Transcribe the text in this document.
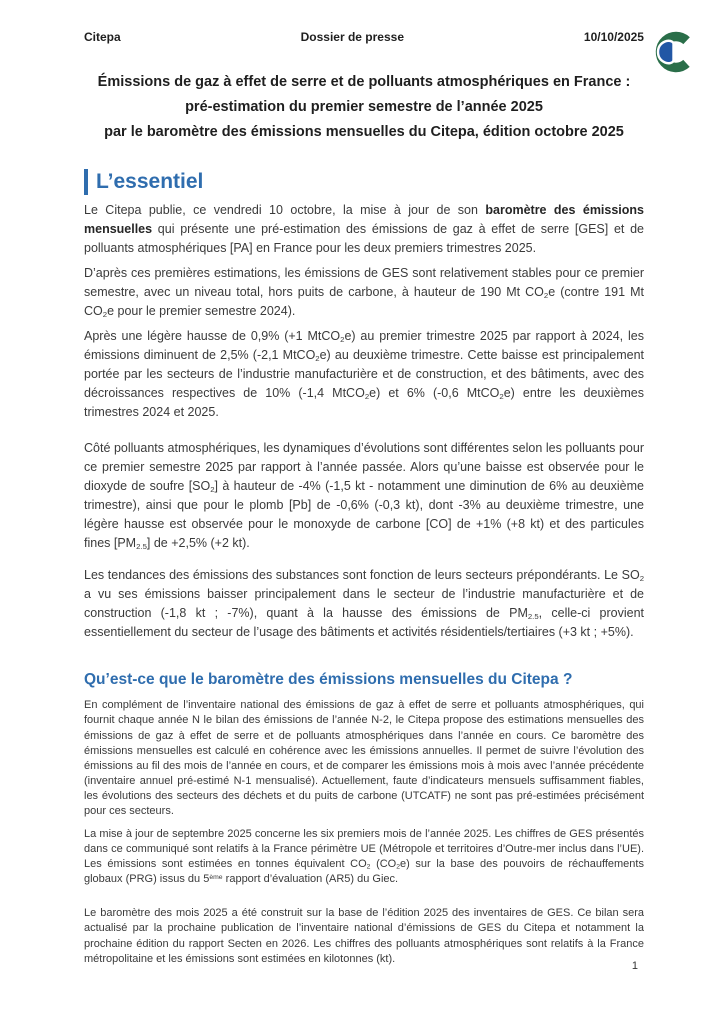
Citepa	Dossier de presse	10/10/2025
Émissions de gaz à effet de serre et de polluants atmosphériques en France :
pré-estimation du premier semestre de l’année 2025
par le baromètre des émissions mensuelles du Citepa, édition octobre 2025
L’essentiel

Le Citepa publie, ce vendredi 10 octobre, la mise à jour de son baromètre des émissions mensuelles qui présente une pré-estimation des émissions de gaz à effet de serre [GES] et de polluants atmosphériques [PA] en France pour les deux premiers trimestres 2025.

D’après ces premières estimations, les émissions de GES sont relativement stables pour ce premier semestre, avec un niveau total, hors puits de carbone, à hauteur de 190 Mt $CO_2e$ (contre 191 Mt $CO_2e$ pour le premier semestre 2024).

Après une légère hausse de 0,9% (+1 MtCO$_2$e) au premier trimestre 2025 par rapport à 2024, les émissions diminuent de 2,5% (-2,1 MtCO$_2$e) au deuxième trimestre. Cette baisse est principalement portée par les secteurs de l’industrie manufacturière et de construction, et des bâtiments, avec des décroissances respectives de 10% (-1,4 MtCO$_2$e) et 6% (-0,6 MtCO$_2$e) entre les deuxièmes trimestres 2024 et 2025.

Côté polluants atmosphériques, les dynamiques d’évolutions sont différentes selon les polluants pour ce premier semestre 2025 par rapport à l’année passée. Alors qu’une baisse est observée pour le dioxyde de soufre $[SO_2]$ à hauteur de -4% (-1,5 kt - notamment une diminution de 6% au deuxième trimestre), ainsi que pour le plomb [Pb] de -0,6% (-0,3 kt), dont -3% au deuxième trimestre, une légère hausse est observée pour le monoxyde de carbone [CO] de +1% (+8 kt) et des particules fines $[PM_{2.5}]$ de +2,5% (+2 kt).

Les tendances des émissions des substances sont fonction de leurs secteurs prépondérants. Le $SO_2$ a vu ses émissions baisser principalement dans le secteur de l’industrie manufacturière et de construction (-1,8 kt ; -7%), quant à la hausse des émissions de $PM_{2.5}$, celle-ci provient essentiellement du secteur de l’usage des bâtiments et activités résidentiels/tertiaires (+3 kt ; +5%).

Qu’est-ce que le baromètre des émissions mensuelles du Citepa ?

En complément de l’inventaire national des émissions de gaz à effet de serre et polluants atmosphériques, qui fournit chaque année N le bilan des émissions de l’année N-2, le Citepa propose des estimations mensuelles des émissions de gaz à effet de serre et de polluants atmosphériques dans l’année en cours. Ce baromètre des émissions mensuelles est calculé en cohérence avec les émissions annuelles. Il permet de suivre l’évolution des émissions au fil des mois de l’année en cours, et de comparer les émissions mois à mois avec l’année précédente (inventaire annuel pré-estimé N-1 mensualisé). Actuellement, faute d’indicateurs mensuels suffisamment fiables, les évolutions des secteurs des déchets et du puits de carbone (UTCATF) ne sont pas pré-estimées précisément pour ces secteurs.

La mise à jour de septembre 2025 concerne les six premiers mois de l’année 2025. Les chiffres de GES présentés dans ce communiqué sont relatifs à la France périmètre UE (Métropole et territoires d’Outre-mer inclus dans l’UE). Les émissions sont estimées en tonnes équivalent $CO_2$ $(CO_2e)$ sur la base des pouvoirs de réchauffements globaux (PRG) issus du 5ème rapport d’évaluation (AR5) du Giec.

Le baromètre des mois 2025 a été construit sur la base de l’édition 2025 des inventaires de GES. Ce bilan sera actualisé par la prochaine publication de l’inventaire national d’émissions de GES du Citepa et notamment la prochaine édition du rapport Secten en 2026. Les chiffres des polluants atmosphériques sont relatifs à la France métropolitaine et les émissions sont estimées en kilotonnes (kt).

1
